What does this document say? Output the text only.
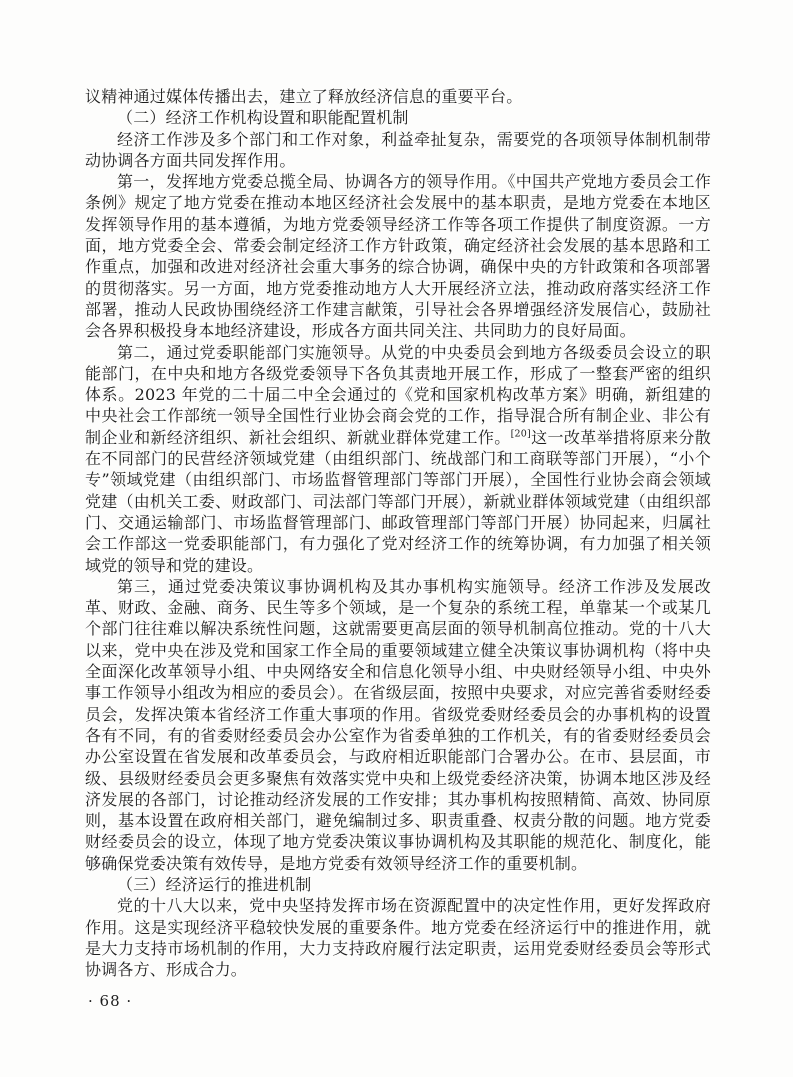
议精神通过媒体传播出去，建立了释放经济信息的重要平台。

（二）经济工作机构设置和职能配置机制

经济工作涉及多个部门和工作对象，利益牵扯复杂，需要党的各项领导体制机制带动协调各方面共同发挥作用。

第一，发挥地方党委总揽全局、协调各方的领导作用。《中国共产党地方委员会工作条例》规定了地方党委在推动本地区经济社会发展中的基本职责，是地方党委在本地区发挥领导作用的基本遵循，为地方党委领导经济工作等各项工作提供了制度资源。一方面，地方党委全会、常委会制定经济工作方针政策，确定经济社会发展的基本思路和工作重点，加强和改进对经济社会重大事务的综合协调，确保中央的方针政策和各项部署的贯彻落实。另一方面，地方党委推动地方人大开展经济立法，推动政府落实经济工作部署，推动人民政协围绕经济工作建言献策，引导社会各界增强经济发展信心，鼓励社会各界积极投身本地经济建设，形成各方面共同关注、共同助力的良好局面。

第二，通过党委职能部门实施领导。从党的中央委员会到地方各级委员会设立的职能部门，在中央和地方各级党委领导下各负其责地开展工作，形成了一整套严密的组织体系。2023 年党的二十届二中全会通过的《党和国家机构改革方案》明确，新组建的中央社会工作部统一领导全国性行业协会商会党的工作，指导混合所有制企业、非公有制企业和新经济组织、新社会组织、新就业群体党建工作。[20]这一改革举措将原来分散在不同部门的民营经济领域党建（由组织部门、统战部门和工商联等部门开展），“小个专”领域党建（由组织部门、市场监督管理部门等部门开展），全国性行业协会商会领域党建（由机关工委、财政部门、司法部门等部门开展），新就业群体领域党建（由组织部门、交通运输部门、市场监督管理部门、邮政管理部门等部门开展）协同起来，归属社会工作部这一党委职能部门，有力强化了党对经济工作的统筹协调，有力加强了相关领域党的领导和党的建设。

第三，通过党委决策议事协调机构及其办事机构实施领导。经济工作涉及发展改革、财政、金融、商务、民生等多个领域，是一个复杂的系统工程，单靠某一个或某几个部门往往难以解决系统性问题，这就需要更高层面的领导机制高位推动。党的十八大以来，党中央在涉及党和国家工作全局的重要领域建立健全决策议事协调机构（将中央全面深化改革领导小组、中央网络安全和信息化领导小组、中央财经领导小组、中央外事工作领导小组改为相应的委员会）。在省级层面，按照中央要求，对应完善省委财经委员会，发挥决策本省经济工作重大事项的作用。省级党委财经委员会的办事机构的设置各有不同，有的省委财经委员会办公室作为省委单独的工作机关，有的省委财经委员会办公室设置在省发展和改革委员会，与政府相近职能部门合署办公。在市、县层面，市级、县级财经委员会更多聚焦有效落实党中央和上级党委经济决策，协调本地区涉及经济发展的各部门，讨论推动经济发展的工作安排；其办事机构按照精简、高效、协同原则，基本设置在政府相关部门，避免编制过多、职责重叠、权责分散的问题。地方党委财经委员会的设立，体现了地方党委决策议事协调机构及其职能的规范化、制度化，能够确保党委决策有效传导，是地方党委有效领导经济工作的重要机制。

（三）经济运行的推进机制

党的十八大以来，党中央坚持发挥市场在资源配置中的决定性作用，更好发挥政府作用。这是实现经济平稳较快发展的重要条件。地方党委在经济运行中的推进作用，就是大力支持市场机制的作用，大力支持政府履行法定职责，运用党委财经委员会等形式协调各方、形成合力。

· 68 ·
